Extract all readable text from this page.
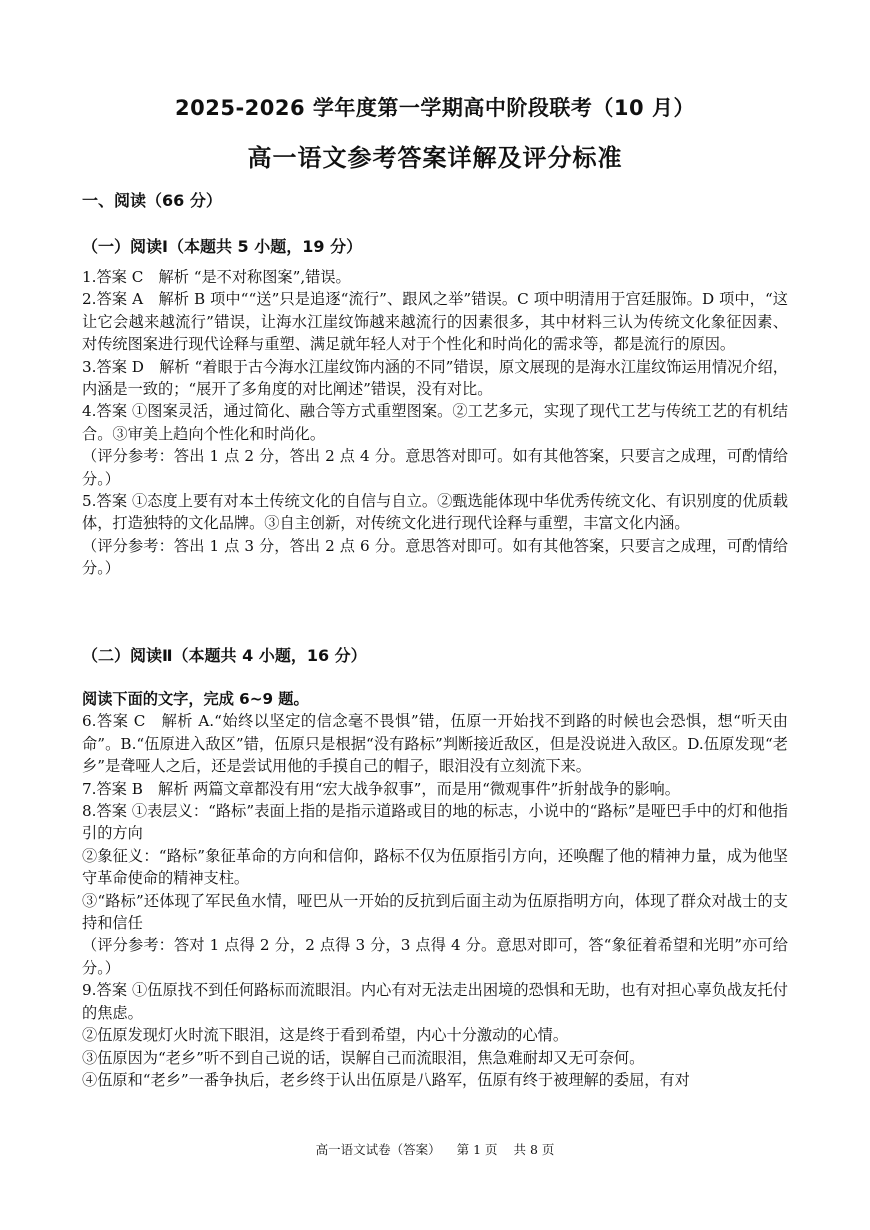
2025-2026 学年度第一学期高中阶段联考（10 月）
高一语文参考答案详解及评分标准
一、阅读（66 分）
（一）阅读Ⅰ（本题共 5 小题，19 分）

1.答案 C　解析 “是不对称图案”,错误。

2.答案 A　解析 B 项中““送”只是追逐“流行”、跟风之举”错误。C 项中明清用于宫廷服饰。D 项中，“这让它会越来越流行”错误，让海水江崖纹饰越来越流行的因素很多，其中材料三认为传统文化象征因素、对传统图案进行现代诠释与重塑、满足就年轻人对于个性化和时尚化的需求等，都是流行的原因。

3.答案 D　解析 “着眼于古今海水江崖纹饰内涵的不同”错误，原文展现的是海水江崖纹饰运用情况介绍，内涵是一致的；“展开了多角度的对比阐述”错误，没有对比。

4.答案 ①图案灵活，通过简化、融合等方式重塑图案。②工艺多元，实现了现代工艺与传统工艺的有机结合。③审美上趋向个性化和时尚化。

（评分参考：答出 1 点 2 分，答出 2 点 4 分。意思答对即可。如有其他答案，只要言之成理，可酌情给分。）

5.答案 ①态度上要有对本土传统文化的自信与自立。②甄选能体现中华优秀传统文化、有识别度的优质载体，打造独特的文化品牌。③自主创新，对传统文化进行现代诠释与重塑，丰富文化内涵。

（评分参考：答出 1 点 3 分，答出 2 点 6 分。意思答对即可。如有其他答案，只要言之成理，可酌情给分。）

（二）阅读Ⅱ（本题共 4 小题，16 分）

阅读下面的文字，完成 6~9 题。

6.答案 C　解析 A.“始终以坚定的信念毫不畏惧”错，伍原一开始找不到路的时候也会恐惧，想“听天由命”。B.“伍原进入敌区”错，伍原只是根据“没有路标”判断接近敌区，但是没说进入敌区。D.伍原发现“老乡”是聋哑人之后，还是尝试用他的手摸自己的帽子，眼泪没有立刻流下来。

7.答案 B　解析 两篇文章都没有用“宏大战争叙事”，而是用“微观事件”折射战争的影响。

8.答案 ①表层义：“路标”表面上指的是指示道路或目的地的标志，小说中的“路标”是哑巴手中的灯和他指引的方向

②象征义：“路标”象征革命的方向和信仰，路标不仅为伍原指引方向，还唤醒了他的精神力量，成为他坚守革命使命的精神支柱。

③“路标”还体现了军民鱼水情，哑巴从一开始的反抗到后面主动为伍原指明方向，体现了群众对战士的支持和信任

（评分参考：答对 1 点得 2 分，2 点得 3 分，3 点得 4 分。意思对即可，答“象征着希望和光明”亦可给分。）

9.答案 ①伍原找不到任何路标而流眼泪。内心有对无法走出困境的恐惧和无助，也有对担心辜负战友托付的焦虑。

②伍原发现灯火时流下眼泪，这是终于看到希望，内心十分激动的心情。

③伍原因为“老乡”听不到自己说的话，误解自己而流眼泪，焦急难耐却又无可奈何。

④伍原和“老乡”一番争执后，老乡终于认出伍原是八路军，伍原有终于被理解的委屈，有对

高一语文试卷（答案） 第 1 页 共 8 页
